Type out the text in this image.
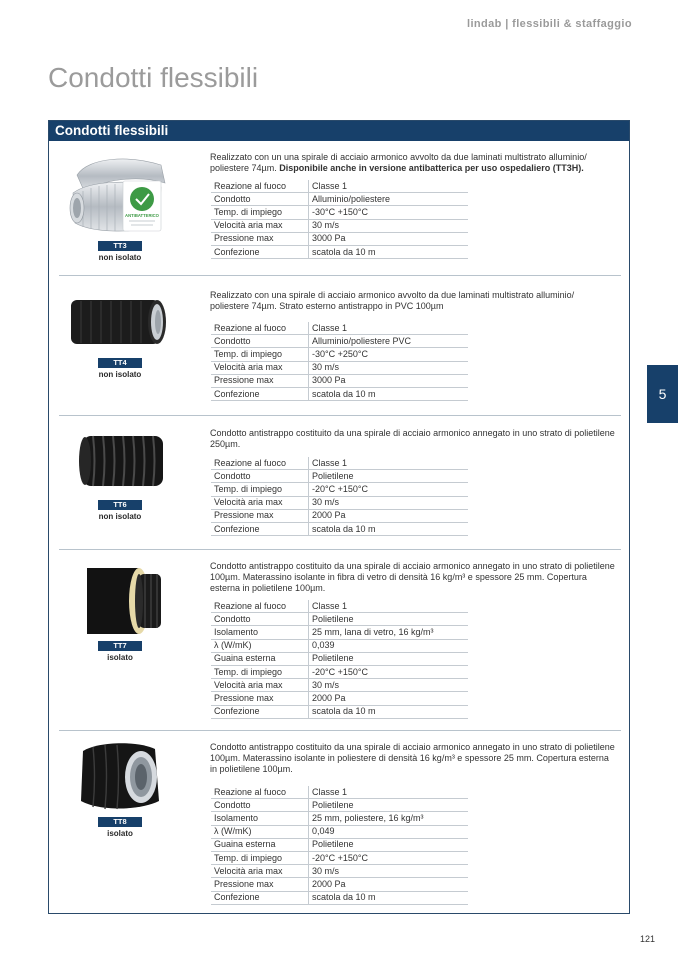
lindab | flessibili & staffaggio
Condotti flessibili
Condotti flessibili
ANTIBATTERICO
TT3
non isolato
Realizzato con un una spirale di acciaio armonico avvolto da due laminati multistrato alluminio/ poliestere 74µm. Disponibile anche in versione antibatterica per uso ospedaliero (TT3H).
Reazione al fuoco	Classe 1
Condotto	Alluminio/poliestere
Temp. di impiego	-30°C +150°C
Velocità aria max	30 m/s
Pressione max	3000 Pa
Confezione	scatola da 10 m
TT4
non isolato
Realizzato con una spirale di acciaio armonico avvolto da due laminati multistrato alluminio/ poliestere 74µm. Strato esterno antistrappo in PVC 100µm
Reazione al fuoco	Classe 1
Condotto	Alluminio/poliestere PVC
Temp. di impiego	-30°C +250°C
Velocità aria max	30 m/s
Pressione max	3000 Pa
Confezione	scatola da 10 m
TT6
non isolato
Condotto antistrappo costituito da una spirale di acciaio armonico annegato in uno strato di polietilene 250µm.
Reazione al fuoco	Classe 1
Condotto	Polietilene
Temp. di impiego	-20°C +150°C
Velocità aria max	30 m/s
Pressione max	2000 Pa
Confezione	scatola da 10 m
TT7
isolato
Condotto antistrappo costituito da una spirale di acciaio armonico annegato in uno strato di polietilene 100µm. Materassino isolante in fibra di vetro di densità 16 kg/m³ e spessore 25 mm. Copertura esterna in polietilene 100µm.
Reazione al fuoco	Classe 1
Condotto	Polietilene
Isolamento	25 mm, lana di vetro, 16 kg/m³
λ (W/mK)	0,039
Guaina esterna	Polietilene
Temp. di impiego	-20°C +150°C
Velocità aria max	30 m/s
Pressione max	2000 Pa
Confezione	scatola da 10 m
TT8
isolato
Condotto antistrappo costituito da una spirale di acciaio armonico annegato in uno strato di polietilene 100µm. Materassino isolante in poliestere di densità 16 kg/m³ e spessore 25 mm. Copertura esterna in polietilene 100µm.
Reazione al fuoco	Classe 1
Condotto	Polietilene
Isolamento	25 mm, poliestere, 16 kg/m³
λ (W/mK)	0,049
Guaina esterna	Polietilene
Temp. di impiego	-20°C +150°C
Velocità aria max	30 m/s
Pressione max	2000 Pa
Confezione	scatola da 10 m
5
121
